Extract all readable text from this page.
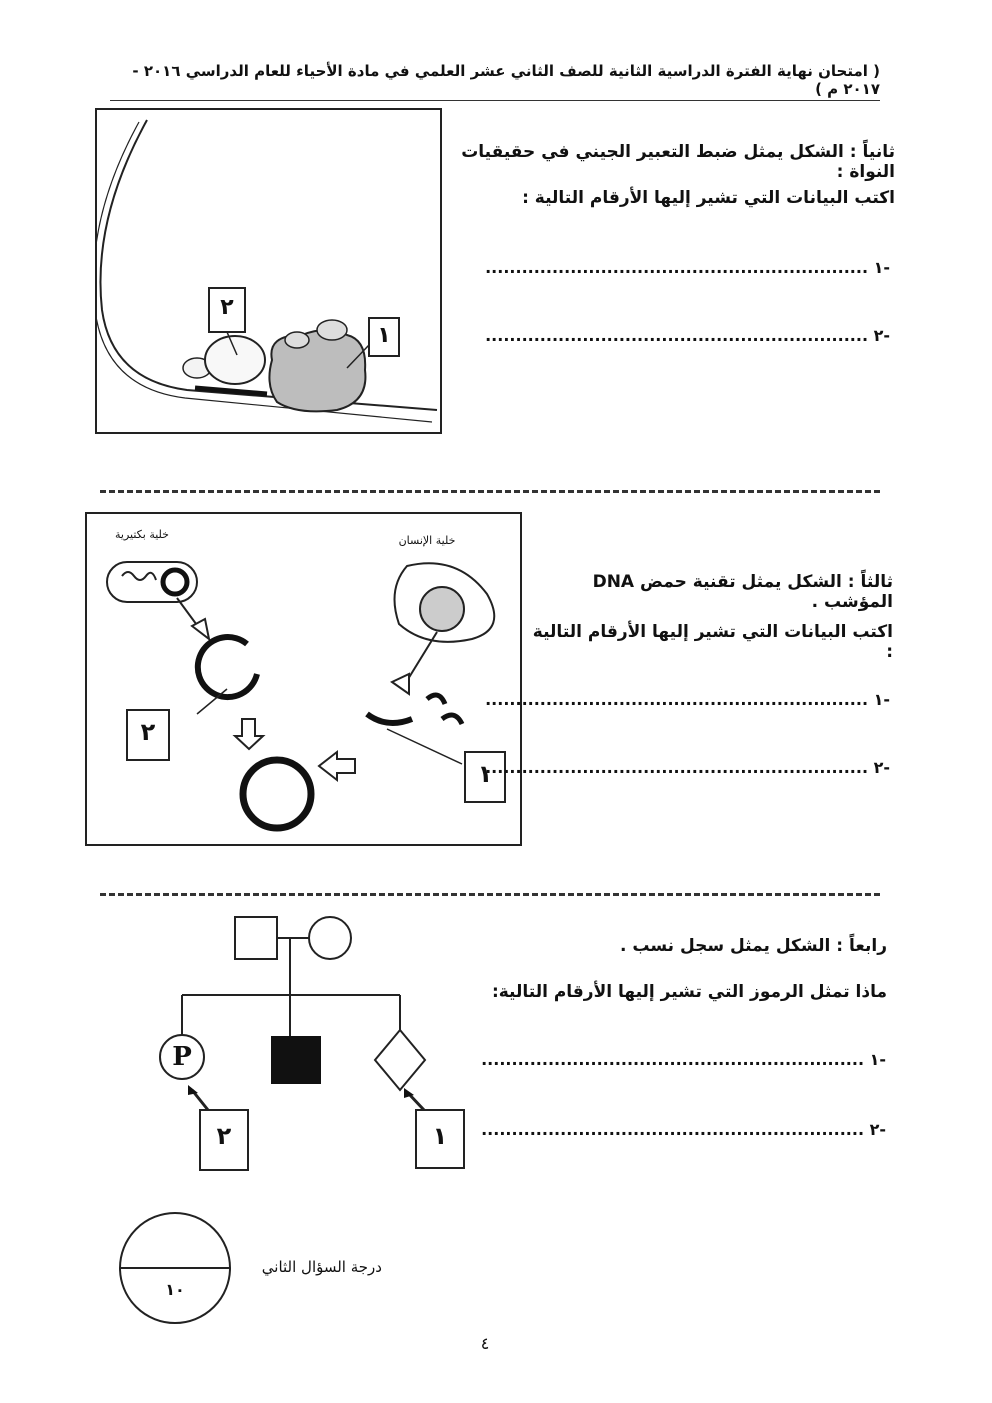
( امتحان نهاية الفترة الدراسية الثانية للصف الثاني عشر العلمي في مادة الأحياء للعام الدراسي ٢٠١٦ - ٢٠١٧ م )
٢
١
ثانياً : الشكل يمثل ضبط التعبير الجيني في حقيقيات النواة :
اكتب البيانات التي تشير إليها الأرقام التالية :
-١ ...............................................................
-٢ ...............................................................
خلية بكتيرية	خلية الإنسان
٢
١
ثالثاً : الشكل يمثل تقنية حمض DNA المؤشب .
اكتب البيانات التي تشير إليها الأرقام التالية :
-١ ...............................................................
-٢ ...............................................................
P
٢	١
رابعاً : الشكل يمثل سجل نسب .
ماذا تمثل الرموز التي تشير إليها الأرقام التالية:
-١ ...............................................................
-٢ ...............................................................
١٠
درجة السؤال الثاني
٤
